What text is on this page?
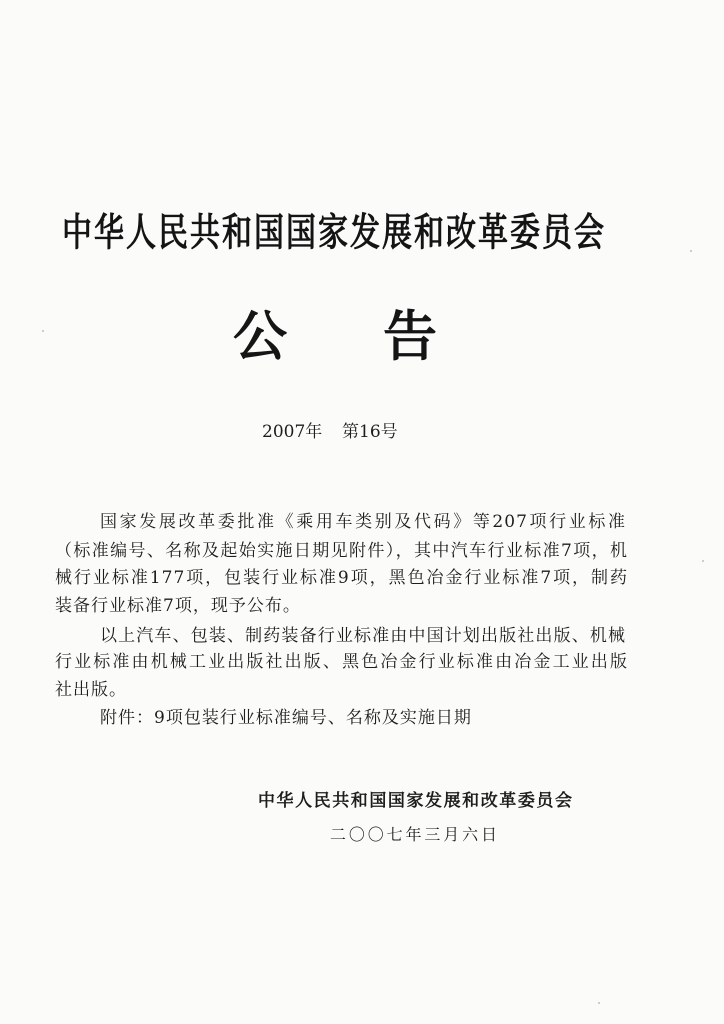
中华人民共和国国家发展和改革委员会
公 告
2007年 第16号
国家发展改革委批准《乘用车类别及代码》等207项行业标准
（标准编号、名称及起始实施日期见附件），其中汽车行业标准7项，机
械行业标准177项，包装行业标准9项，黑色冶金行业标准7项，制药
装备行业标准7项，现予公布。
以上汽车、包装、制药装备行业标准由中国计划出版社出版、机械
行业标准由机械工业出版社出版、黑色冶金行业标准由冶金工业出版
社出版。
附件：9项包装行业标准编号、名称及实施日期
中华人民共和国国家发展和改革委员会
二〇〇七年三月六日
